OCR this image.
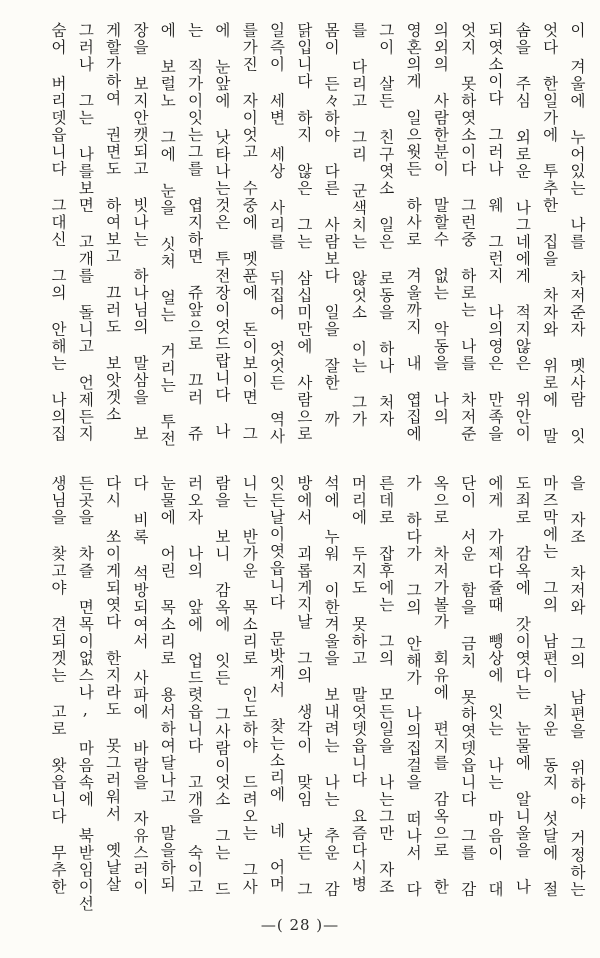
이 겨울에 누어있는 나를 차저준자 몟사람 잇
엇다 한일가에 투추한 집을 차자와 위로에 말
솜을 주심 외로운 나그네에게 적지않은 위안이
되엿소이다 그러나 웨 그런지 나의영은 만족을
엇지 못하엿소이다 그런중 하로는 나를 차저준
의외의 사람한분이 말할수 없는 악동을 나의
영혼의게 일으웟든 하사로 겨울까지 내 엽집에
그이 살든 친구엿소 일은 로동을 하나 처자
를 다리고 그리 군색치는 않엇소 이는 그가
몸이 든々하야 다른 사람보다 일을 잘한 까
닭입니다 하지 않은 그는 삼십미만에 사람으로
일즉이 세변 세상 사리를 뒤집어 엇엇든 역사
를가진 자이엇고 수중에 멧푼에 돈이보이면 그
에 눈앞에 낫타나는것은 투전장이엇드랍니다 나
는 직가이잇는그를 엽지하면 쥬앞으로 끄러 쥬
에 보럴노 그에 눈을 싯처 얼는 거리는 투전
장을 보지안캣되고 빗나는 하나님의 말삼을 보
게할가하여 권면도 하여보고 끄러도 보앗겟소
그러나 그는 나를보면 고개를 돌니고 언제든지
숨어 버리뎃읍니다 그대신 그의 안해는 나의집
을 자조 차저와 그의 남편을 위하야 거정하는
마즈막에는 그의 남편이 치운 동지 섯달에 절
도죄로 감옥에 갓이엿다는 눈물에 알니울을 나
에게 가제다쥴때 뺑상에 잇는 나는 마음이 대
단이 서운 함을 금치 못하엿뎃읍니다 그를 감
옥으로 차저가볼가 회유에 편지를 감옥으로 한
가 하다가 그의 안해가 나의집걸을 떠나서 다
른데로 잡후에는 그의 모든일을 나는그만 자조
머리에 두지도 못하고 말엇뎃읍니다 요즘다시병
석에 누워 이한겨울을 보내려는 나는 추운 감
방에서 괴롭게지날 그의 생각이 맞임 낫든 그
잇든날이엿읍니다 문밧게서 찾는소리에 네 어머
니는 반가운 목소리로 인도하야 드려오는 그사
람을 보니 감옥에 잇든 그사람이엇소 그는 드
러오자 나의 앞에 업드렷읍니다 고개을 숙이고
눈물에 어린 목소리로 용서하여달나고 말을하되
다 비록 석방되여서 사파에 바람을 자유스러이
다시 쏘이게되엿다 한지라도 못그러워서 옛날살
든곳을 차즐 면목이없스나, 마음속에 북받임이선
생님을 찾고야 견되겟는 고로 왓읍니다 무추한
—( 28 )—
